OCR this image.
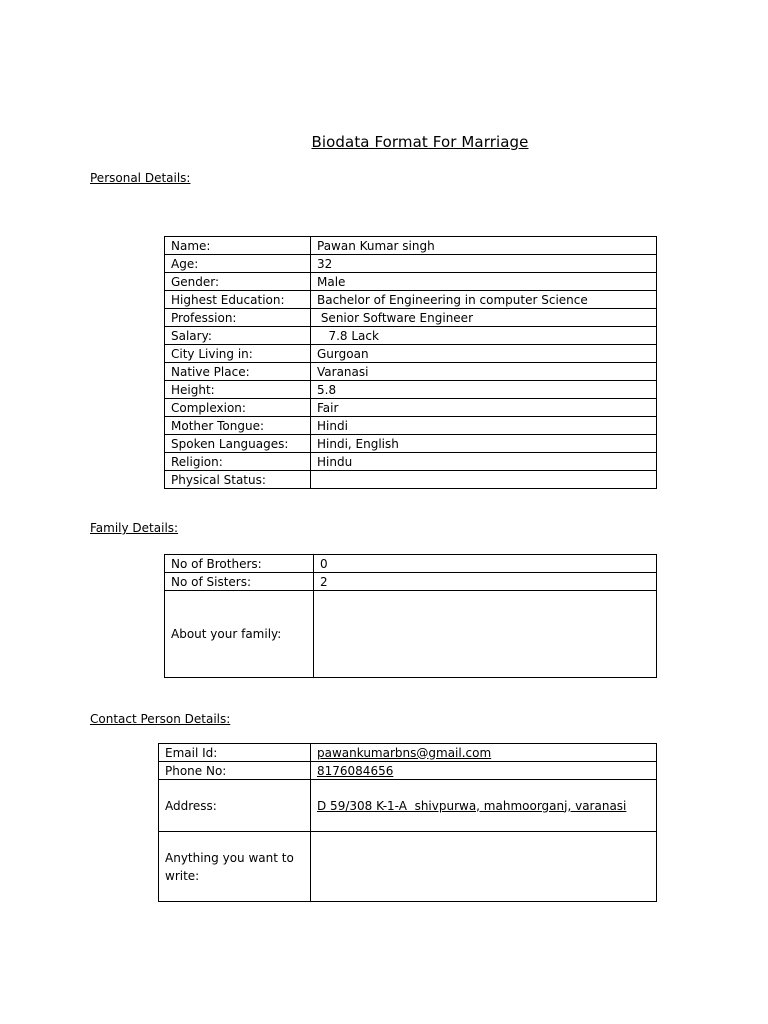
Biodata Format For Marriage
Personal Details:
Name:	Pawan Kumar singh
Age:	32
Gender:	Male
Highest Education:	Bachelor of Engineering in computer Science
Profession:	Senior Software Engineer
Salary:	7.8 Lack
City Living in:	Gurgoan
Native Place:	Varanasi
Height:	5.8
Complexion:	Fair
Mother Tongue:	Hindi
Spoken Languages:	Hindi, English
Religion:	Hindu
Physical Status:	
Family Details:
No of Brothers:	0
No of Sisters:	2
About your family:	
Contact Person Details:
Email Id:	pawankumarbns@gmail.com
Phone No:	8176084656
Address:	D 59/308 K-1-A  shivpurwa, mahmoorganj, varanasi
Anything you want to write:	
